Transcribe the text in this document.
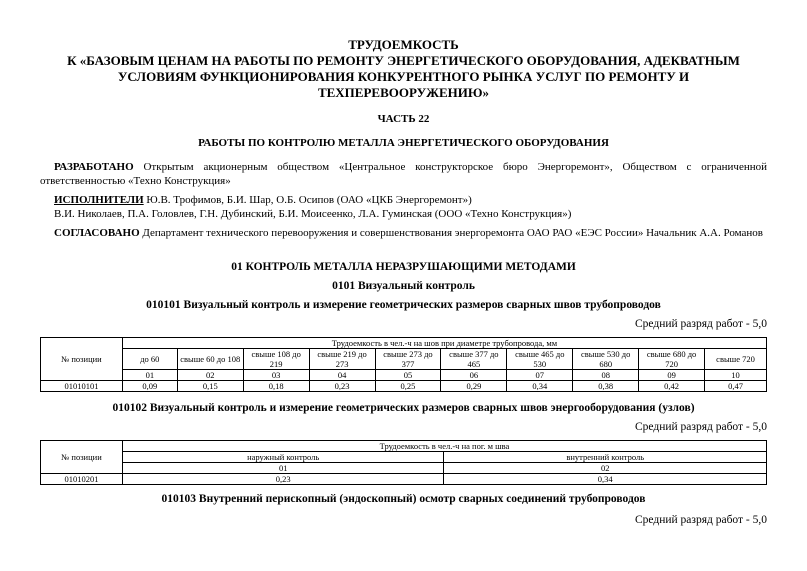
ТРУДОЕМКОСТЬ
К «БАЗОВЫМ ЦЕНАМ НА РАБОТЫ ПО РЕМОНТУ ЭНЕРГЕТИЧЕСКОГО ОБОРУДОВАНИЯ, АДЕКВАТНЫМ
УСЛОВИЯМ ФУНКЦИОНИРОВАНИЯ КОНКУРЕНТНОГО РЫНКА УСЛУГ ПО РЕМОНТУ И
ТЕХПЕРЕВООРУЖЕНИЮ»
ЧАСТЬ 22
РАБОТЫ ПО КОНТРОЛЮ МЕТАЛЛА ЭНЕРГЕТИЧЕСКОГО ОБОРУДОВАНИЯ
РАЗРАБОТАНО Открытым акционерным обществом «Центральное конструкторское бюро Энергоремонт», Обществом с ограниченной ответственностью «Техно Конструкция»
ИСПОЛНИТЕЛИ Ю.В. Трофимов, Б.И. Шар, О.Б. Осипов (ОАО «ЦКБ Энергоремонт»)
В.И. Николаев, П.А. Головлев, Г.Н. Дубинский, Б.И. Моисеенко, Л.А. Гуминская (ООО «Техно Конструкция»)
СОГЛАСОВАНО Департамент технического перевооружения и совершенствования энергоремонта ОАО РАО «ЕЭС России» Начальник А.А. Романов
01 КОНТРОЛЬ МЕТАЛЛА НЕРАЗРУШАЮЩИМИ МЕТОДАМИ
0101 Визуальный контроль
010101 Визуальный контроль и измерение геометрических размеров сварных швов трубопроводов
Средний разряд работ - 5,0
№ позиции	Трудоемкость в чел.-ч на шов при диаметре трубопровода, мм									
	до 60	свыше 60 до 108	свыше 108 до 219	свыше 219 до 273	свыше 273 до 377	свыше 377 до 465	свыше 465 до 530	свыше 530 до 680	свыше 680 до 720	свыше 720
	01	02	03	04	05	06	07	08	09	10
01010101	0,09	0,15	0,18	0,23	0,25	0,29	0,34	0,38	0,42	0,47
010102 Визуальный контроль и измерение геометрических размеров сварных швов энергооборудования (узлов)
Средний разряд работ - 5,0
№ позиции	Трудоемкость в чел.-ч на пог. м шва	
	наружный контроль	внутренний контроль
	01	02
01010201	0,23	0,34
010103 Внутренний перископный (эндоскопный) осмотр сварных соединений трубопроводов
Средний разряд работ - 5,0
